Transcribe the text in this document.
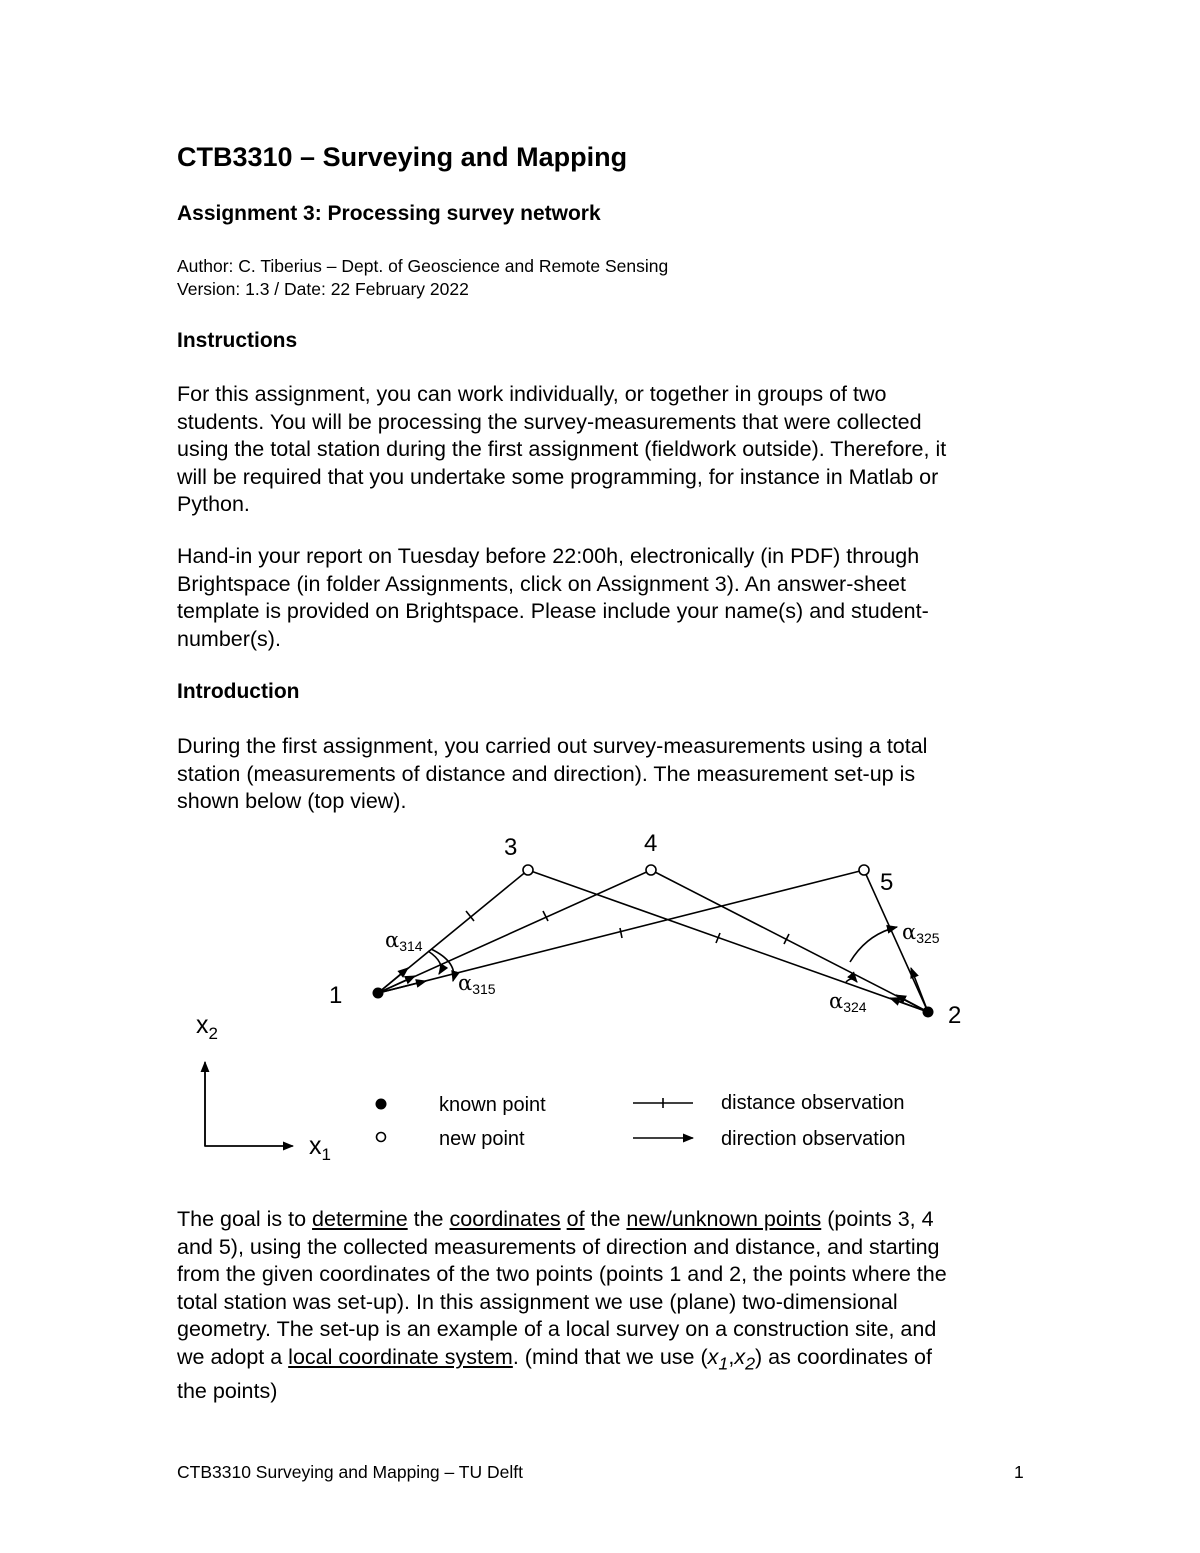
CTB3310 – Surveying and Mapping
Assignment 3: Processing survey network

Author: C. Tiberius – Dept. of Geoscience and Remote Sensing

Version: 1.3 / Date: 22 February 2022

Instructions
For this assignment, you can work individually, or together in groups of two
students. You will be processing the survey-measurements that were collected
using the total station during the first assignment (fieldwork outside). Therefore, it
will be required that you undertake some programming, for instance in Matlab or
Python.
Hand-in your report on Tuesday before 22:00h, electronically (in PDF) through
Brightspace (in folder Assignments, click on Assignment 3). An answer-sheet
template is provided on Brightspace. Please include your name(s) and student-
number(s).
Introduction
During the first assignment, you carried out survey-measurements using a total
station (measurements of distance and direction). The measurement set-up is
shown below (top view).
1
2
3	4
5
α314
α315	α324
α325
$x_2$
$x_1$
known point
new point
distance observation
direction observation
The goal is to determine the coordinates of the new/unknown points (points 3, 4
and 5), using the collected measurements of direction and distance, and starting
from the given coordinates of the two points (points 1 and 2, the points where the
total station was set-up). In this assignment we use (plane) two-dimensional
geometry. The set-up is an example of a local survey on a construction site, and
we adopt a local coordinate system. (mind that we use $(x_1,x_2)$ as coordinates of
the points)

CTB3310 Surveying and Mapping – TU Delft	1
